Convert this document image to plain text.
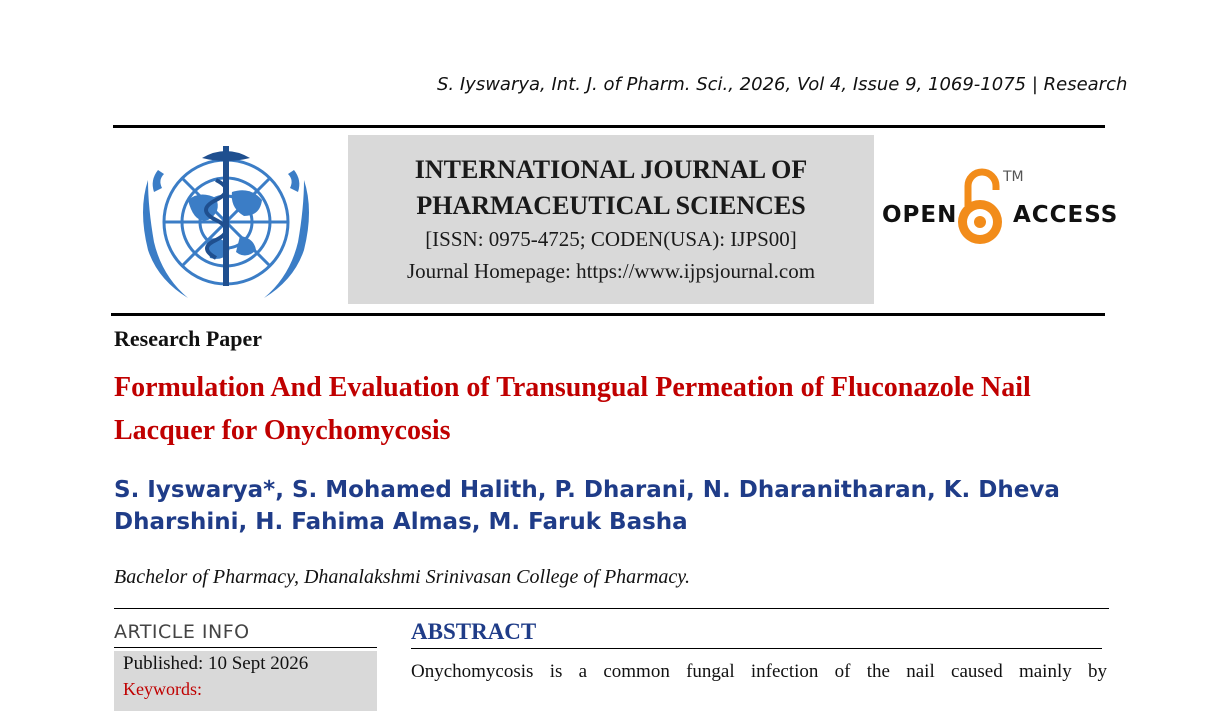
S. Iyswarya, Int. J. of Pharm. Sci., 2026, Vol 4, Issue 9, 1069-1075 | Research
INTERNATIONAL JOURNAL OF
PHARMACEUTICAL SCIENCES
[ISSN: 0975-4725; CODEN(USA): IJPS00]
Journal Homepage: https://www.ijpsjournal.com
OPEN
TM
ACCESS
Research Paper
Formulation And Evaluation of Transungual Permeation of Fluconazole Nail Lacquer for Onychomycosis
S. Iyswarya*, S. Mohamed Halith, P. Dharani, N. Dharanitharan, K. Dheva Dharshini, H. Fahima Almas, M. Faruk Basha
Bachelor of Pharmacy, Dhanalakshmi Srinivasan College of Pharmacy.
ARTICLE INFO
Published: 10 Sept 2026
Keywords:
ABSTRACT
Onychomycosis is a common fungal infection of the nail caused mainly by
